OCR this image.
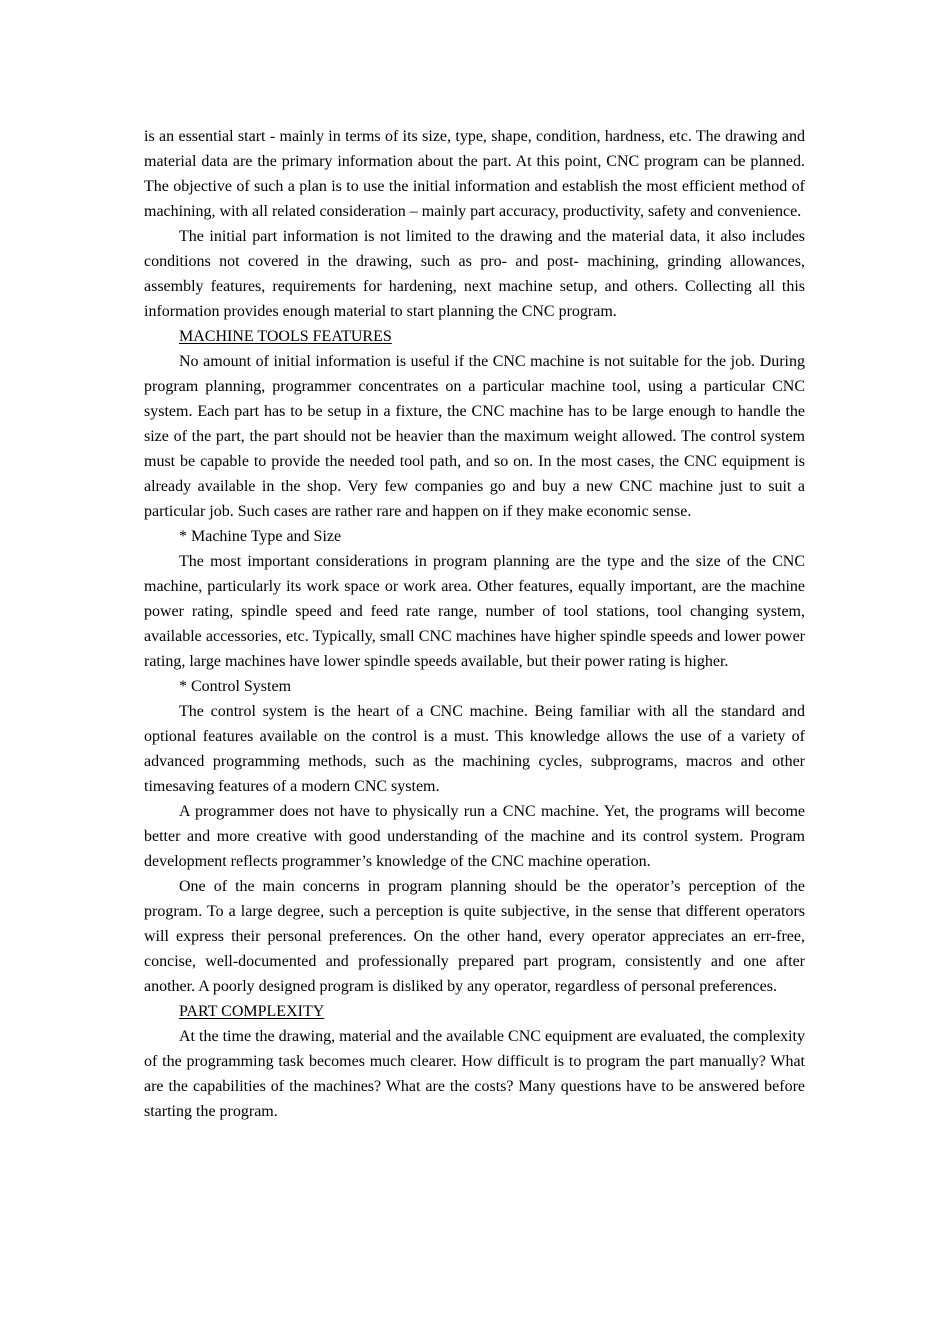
is an essential start - mainly in terms of its size, type, shape, condition, hardness, etc. The drawing and material data are the primary information about the part. At this point, CNC program can be planned. The objective of such a plan is to use the initial information and establish the most efficient method of machining, with all related consideration – mainly part accuracy, productivity, safety and convenience.

The initial part information is not limited to the drawing and the material data, it also includes conditions not covered in the drawing, such as pro- and post- machining, grinding allowances, assembly features, requirements for hardening, next machine setup, and others. Collecting all this information provides enough material to start planning the CNC program.

MACHINE TOOLS FEATURES

No amount of initial information is useful if the CNC machine is not suitable for the job. During program planning, programmer concentrates on a particular machine tool, using a particular CNC system. Each part has to be setup in a fixture, the CNC machine has to be large enough to handle the size of the part, the part should not be heavier than the maximum weight allowed. The control system must be capable to provide the needed tool path, and so on. In the most cases, the CNC equipment is already available in the shop. Very few companies go and buy a new CNC machine just to suit a particular job. Such cases are rather rare and happen on if they make economic sense.

* Machine Type and Size

The most important considerations in program planning are the type and the size of the CNC machine, particularly its work space or work area. Other features, equally important, are the machine power rating, spindle speed and feed rate range, number of tool stations, tool changing system, available accessories, etc. Typically, small CNC machines have higher spindle speeds and lower power rating, large machines have lower spindle speeds available, but their power rating is higher.

* Control System

The control system is the heart of a CNC machine. Being familiar with all the standard and optional features available on the control is a must. This knowledge allows the use of a variety of advanced programming methods, such as the machining cycles, subprograms, macros and other timesaving features of a modern CNC system.

A programmer does not have to physically run a CNC machine. Yet, the programs will become better and more creative with good understanding of the machine and its control system. Program development reflects programmer’s knowledge of the CNC machine operation.

One of the main concerns in program planning should be the operator’s perception of the program. To a large degree, such a perception is quite subjective, in the sense that different operators will express their personal preferences. On the other hand, every operator appreciates an err-free, concise, well-documented and professionally prepared part program, consistently and one after another. A poorly designed program is disliked by any operator, regardless of personal preferences.

PART COMPLEXITY

At the time the drawing, material and the available CNC equipment are evaluated, the complexity of the programming task becomes much clearer. How difficult is to program the part manually? What are the capabilities of the machines? What are the costs? Many questions have to be answered before starting the program.
